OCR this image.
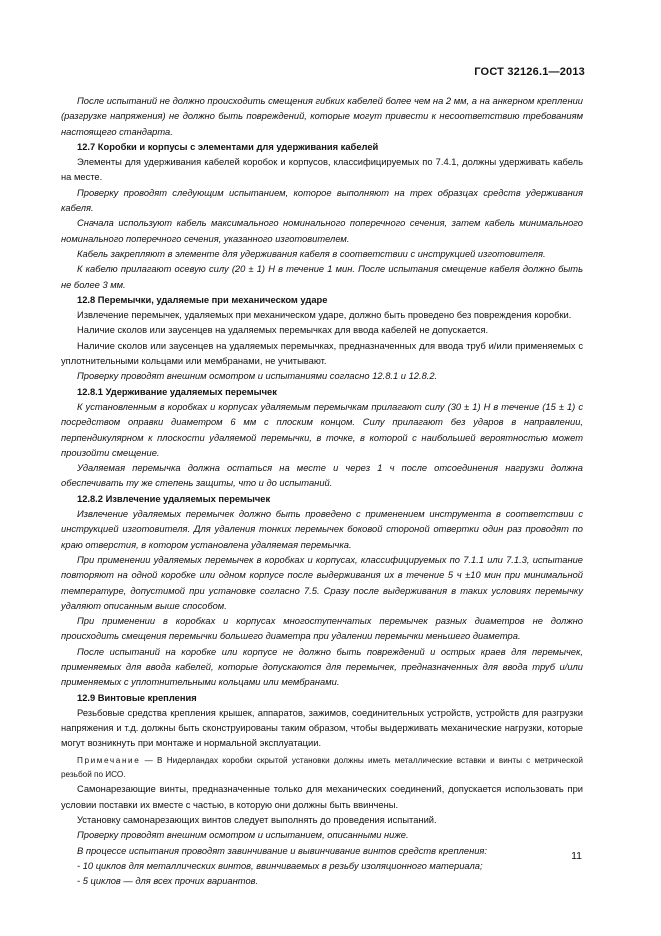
ГОСТ 32126.1—2013

После испытаний не должно происходить смещения гибких кабелей более чем на 2 мм, а на анкерном креплении (разгрузке напряжения) не должно быть повреждений, которые могут привести к несоответствию требованиям настоящего стандарта.

12.7 Коробки и корпусы с элементами для удерживания кабелей

Элементы для удерживания кабелей коробок и корпусов, классифицируемых по 7.4.1, должны удерживать кабель на месте.

Проверку проводят следующим испытанием, которое выполняют на трех образцах средств удерживания кабеля.

Сначала используют кабель максимального номинального поперечного сечения, затем кабель минимального номинального поперечного сечения, указанного изготовителем.

Кабель закрепляют в элементе для удерживания кабеля в соответствии с инструкцией изготовителя.

К кабелю прилагают осевую силу (20 ± 1) Н в течение 1 мин. После испытания смещение кабеля должно быть не более 3 мм.

12.8 Перемычки, удаляемые при механическом ударе

Извлечение перемычек, удаляемых при механическом ударе, должно быть проведено без повреждения коробки.

Наличие сколов или заусенцев на удаляемых перемычках для ввода кабелей не допускается.

Наличие сколов или заусенцев на удаляемых перемычках, предназначенных для ввода труб и/или применяемых с уплотнительными кольцами или мембранами, не учитывают.

Проверку проводят внешним осмотром и испытаниями согласно 12.8.1 и 12.8.2.

12.8.1 Удерживание удаляемых перемычек

К установленным в коробках и корпусах удаляемым перемычкам прилагают силу (30 ± 1) Н в течение (15 ± 1) с посредством оправки диаметром 6 мм с плоским концом. Силу прилагают без ударов в направлении, перпендикулярном к плоскости удаляемой перемычки, в точке, в которой с наибольшей вероятностью может произойти смещение.

Удаляемая перемычка должна остаться на месте и через 1 ч после отсоединения нагрузки должна обеспечивать ту же степень защиты, что и до испытаний.

12.8.2 Извлечение удаляемых перемычек

Извлечение удаляемых перемычек должно быть проведено с применением инструмента в соответствии с инструкцией изготовителя. Для удаления тонких перемычек боковой стороной отвертки один раз проводят по краю отверстия, в котором установлена удаляемая перемычка.

При применении удаляемых перемычек в коробках и корпусах, классифицируемых по 7.1.1 или 7.1.3, испытание повторяют на одной коробке или одном корпусе после выдерживания их в течение 5 ч ±10 мин при минимальной температуре, допустимой при установке согласно 7.5. Сразу после выдерживания в таких условиях перемычку удаляют описанным выше способом.

При применении в коробках и корпусах многоступенчатых перемычек разных диаметров не должно происходить смещения перемычки большего диаметра при удалении перемычки меньшего диаметра.

После испытаний на коробке или корпусе не должно быть повреждений и острых краев для перемычек, применяемых для ввода кабелей, которые допускаются для перемычек, предназначенных для ввода труб и/или применяемых с уплотнительными кольцами или мембранами.

12.9 Винтовые крепления

Резьбовые средства крепления крышек, аппаратов, зажимов, соединительных устройств, устройств для разгрузки напряжения и т.д. должны быть сконструированы таким образом, чтобы выдерживать механические нагрузки, которые могут возникнуть при монтаже и нормальной эксплуатации.

Примечание — В Нидерландах коробки скрытой установки должны иметь металлические вставки и винты с метрической резьбой по ИСО.

Самонарезающие винты, предназначенные только для механических соединений, допускается использовать при условии поставки их вместе с частью, в которую они должны быть ввинчены.

Установку самонарезающих винтов следует выполнять до проведения испытаний.

Проверку проводят внешним осмотром и испытанием, описанными ниже.

В процессе испытания проводят завинчивание и вывинчивание винтов средств крепления:

- 10 циклов для металлических винтов, ввинчиваемых в резьбу изоляционного материала;

- 5 циклов — для всех прочих вариантов.

11
